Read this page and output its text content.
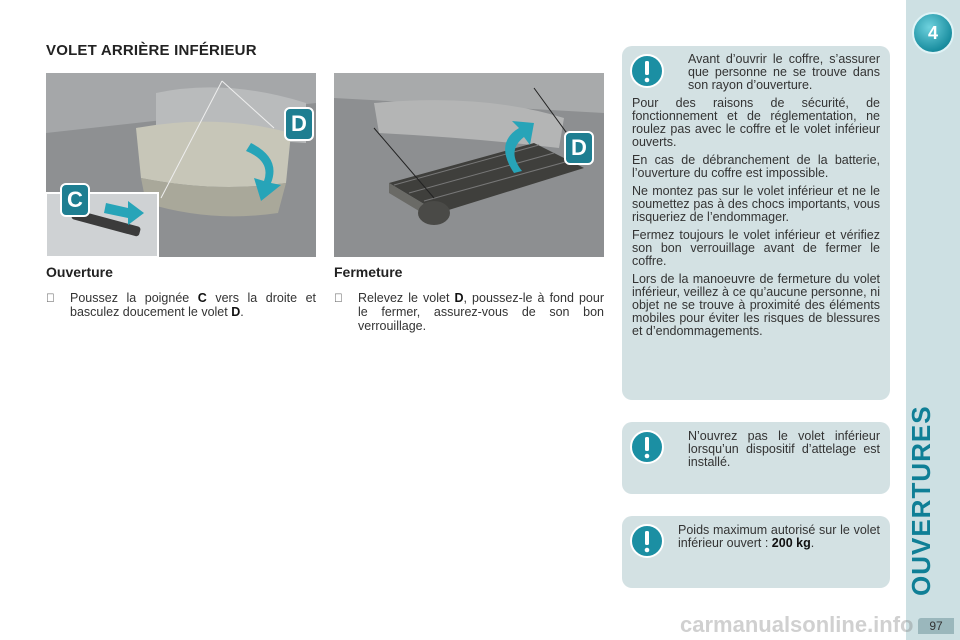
VOLET ARRIÈRE INFÉRIEUR
D
C
D
Ouverture
Poussez la poignée C vers la droite et basculez doucement le volet D.
Fermeture
Relevez le volet D, poussez-le à fond pour le fermer, assurez-vous de son bon verrouillage.

Avant d’ouvrir le coffre, s’assurer que personne ne se trouve dans son rayon d’ouverture.

Pour des raisons de sécurité, de fonctionnement et de réglementation, ne roulez pas avec le coffre et le volet inférieur ouverts.

En cas de débranchement de la batterie, l’ouverture du coffre est impossible.

Ne montez pas sur le volet inférieur et ne le soumettez pas à des chocs importants, vous risqueriez de l’endommager.

Fermez toujours le volet inférieur et vérifiez son bon verrouillage avant de fermer le coffre.

Lors de la manoeuvre de fermeture du volet inférieur, veillez à ce qu’aucune personne, ni objet ne se trouve à proximité des éléments mobiles pour éviter les risques de blessures et d’endommagements.

N’ouvrez pas le volet inférieur lorsqu’un dispositif d’attelage est installé.

Poids maximum autorisé sur le volet inférieur ouvert : 200 kg.

4
OUVERTURES
97
carmanualsonline.info
